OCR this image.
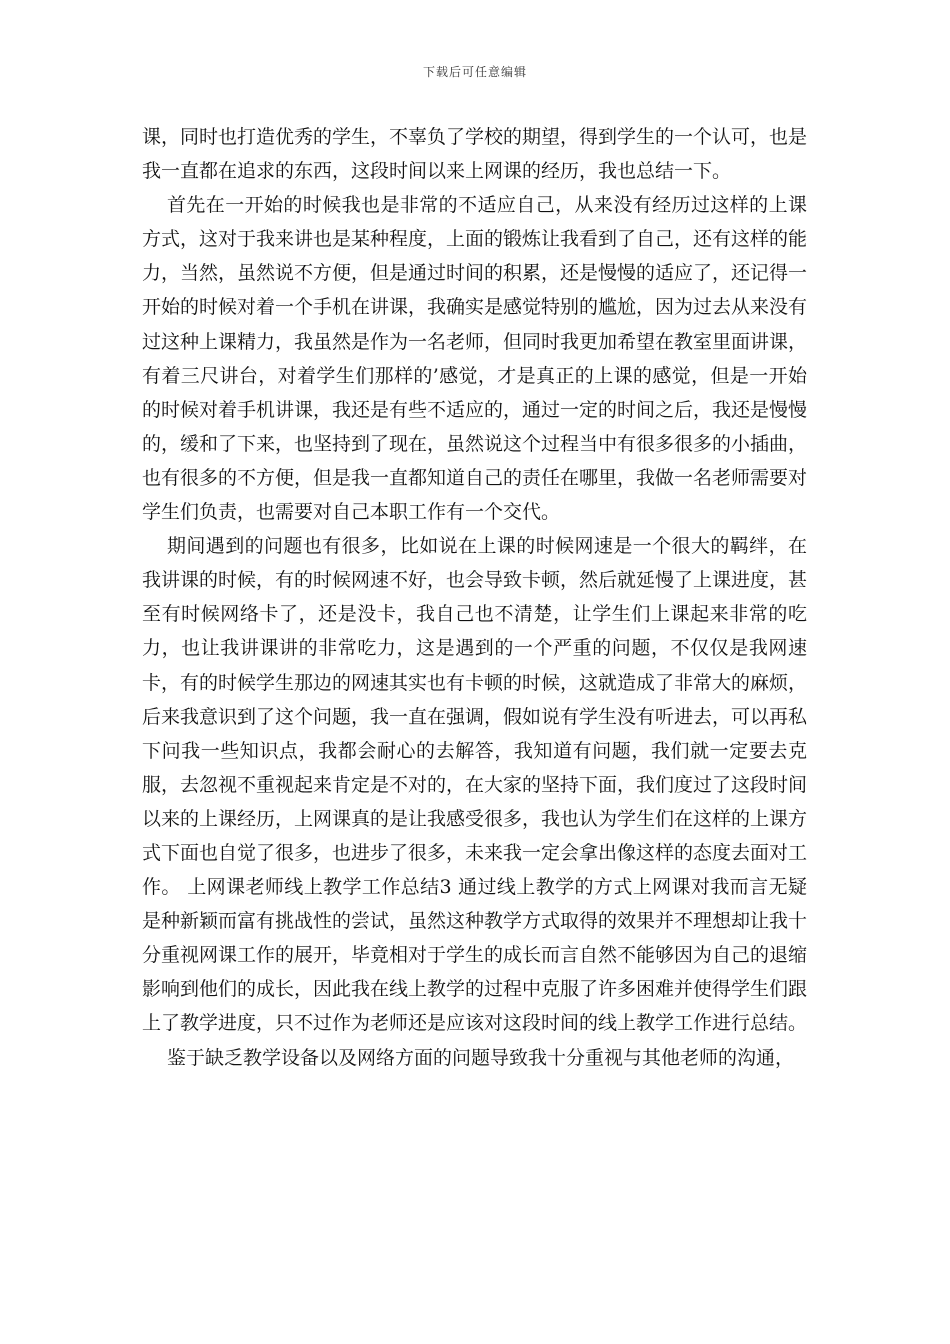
下载后可任意编辑

课，同时也打造优秀的学生，不辜负了学校的期望，得到学生的一个认可，也是我一直都在追求的东西，这段时间以来上网课的经历，我也总结一下。

首先在一开始的时候我也是非常的不适应自己，从来没有经历过这样的上课方式，这对于我来讲也是某种程度，上面的锻炼让我看到了自己，还有这样的能力，当然，虽然说不方便，但是通过时间的积累，还是慢慢的适应了，还记得一开始的时候对着一个手机在讲课，我确实是感觉特别的尴尬，因为过去从来没有过这种上课精力，我虽然是作为一名老师，但同时我更加希望在教室里面讲课，有着三尺讲台，对着学生们那样的’感觉，才是真正的上课的感觉，但是一开始的时候对着手机讲课，我还是有些不适应的，通过一定的时间之后，我还是慢慢的，缓和了下来，也坚持到了现在，虽然说这个过程当中有很多很多的小插曲，也有很多的不方便，但是我一直都知道自己的责任在哪里，我做一名老师需要对学生们负责，也需要对自己本职工作有一个交代。

期间遇到的问题也有很多，比如说在上课的时候网速是一个很大的羁绊，在我讲课的时候，有的时候网速不好，也会导致卡顿，然后就延慢了上课进度，甚至有时候网络卡了，还是没卡，我自己也不清楚，让学生们上课起来非常的吃力，也让我讲课讲的非常吃力，这是遇到的一个严重的问题，不仅仅是我网速卡，有的时候学生那边的网速其实也有卡顿的时候，这就造成了非常大的麻烦，后来我意识到了这个问题，我一直在强调，假如说有学生没有听进去，可以再私下问我一些知识点，我都会耐心的去解答，我知道有问题，我们就一定要去克服，去忽视不重视起来肯定是不对的，在大家的坚持下面，我们度过了这段时间以来的上课经历，上网课真的是让我感受很多，我也认为学生们在这样的上课方式下面也自觉了很多，也进步了很多，未来我一定会拿出像这样的态度去面对工作。 上网课老师线上教学工作总结3 通过线上教学的方式上网课对我而言无疑是种新颖而富有挑战性的尝试，虽然这种教学方式取得的效果并不理想却让我十分重视网课工作的展开，毕竟相对于学生的成长而言自然不能够因为自己的退缩影响到他们的成长，因此我在线上教学的过程中克服了许多困难并使得学生们跟上了教学进度，只不过作为老师还是应该对这段时间的线上教学工作进行总结。

鉴于缺乏教学设备以及网络方面的问题导致我十分重视与其他老师的沟通，
